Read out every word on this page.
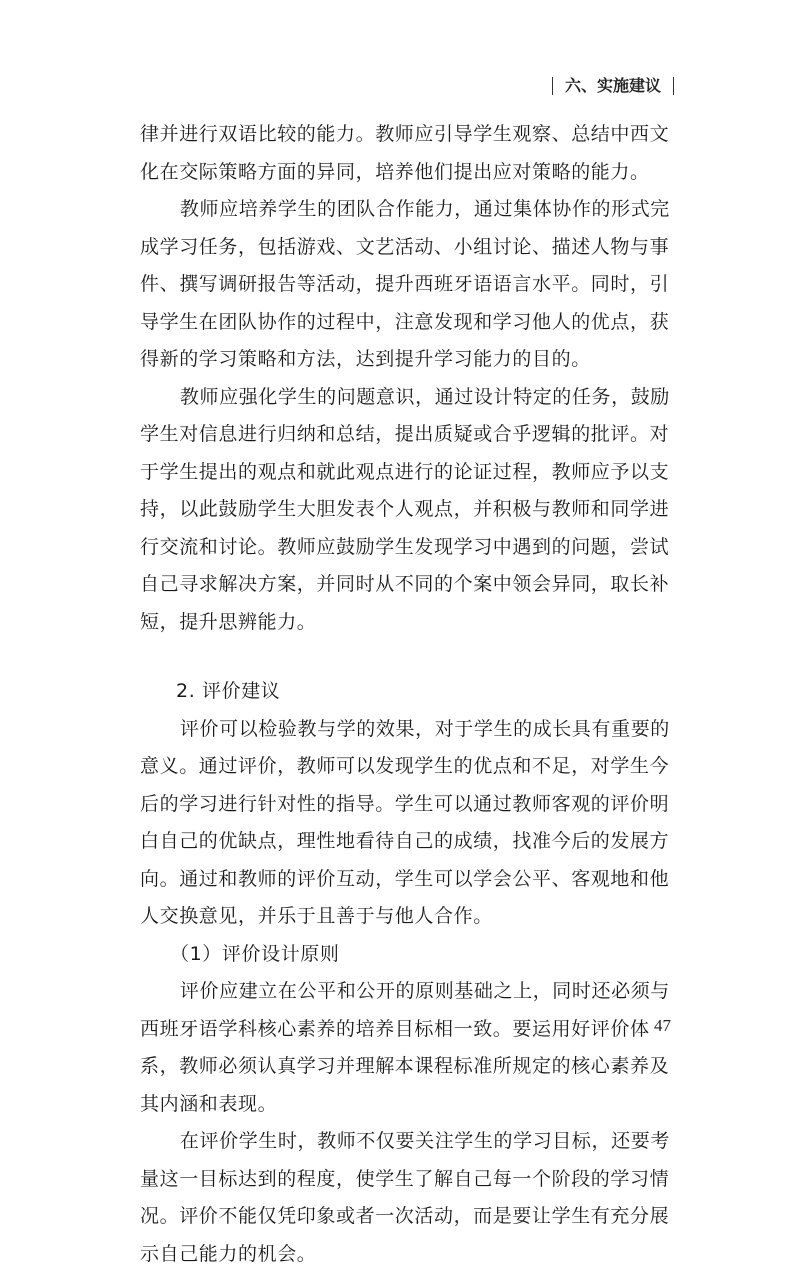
六、实施建议

律并进行双语比较的能力。教师应引导学生观察、总结中西文化在交际策略方面的异同，培养他们提出应对策略的能力。

教师应培养学生的团队合作能力，通过集体协作的形式完成学习任务，包括游戏、文艺活动、小组讨论、描述人物与事件、撰写调研报告等活动，提升西班牙语语言水平。同时，引导学生在团队协作的过程中，注意发现和学习他人的优点，获得新的学习策略和方法，达到提升学习能力的目的。

教师应强化学生的问题意识，通过设计特定的任务，鼓励学生对信息进行归纳和总结，提出质疑或合乎逻辑的批评。对于学生提出的观点和就此观点进行的论证过程，教师应予以支持，以此鼓励学生大胆发表个人观点，并积极与教师和同学进行交流和讨论。教师应鼓励学生发现学习中遇到的问题，尝试自己寻求解决方案，并同时从不同的个案中领会异同，取长补短，提升思辨能力。

2. 评价建议

评价可以检验教与学的效果，对于学生的成长具有重要的意义。通过评价，教师可以发现学生的优点和不足，对学生今后的学习进行针对性的指导。学生可以通过教师客观的评价明白自己的优缺点，理性地看待自己的成绩，找准今后的发展方向。通过和教师的评价互动，学生可以学会公平、客观地和他人交换意见，并乐于且善于与他人合作。

（1）评价设计原则

评价应建立在公平和公开的原则基础之上，同时还必须与西班牙语学科核心素养的培养目标相一致。要运用好评价体系，教师必须认真学习并理解本课程标准所规定的核心素养及其内涵和表现。

在评价学生时，教师不仅要关注学生的学习目标，还要考量这一目标达到的程度，使学生了解自己每一个阶段的学习情况。评价不能仅凭印象或者一次活动，而是要让学生有充分展示自己能力的机会。

47
